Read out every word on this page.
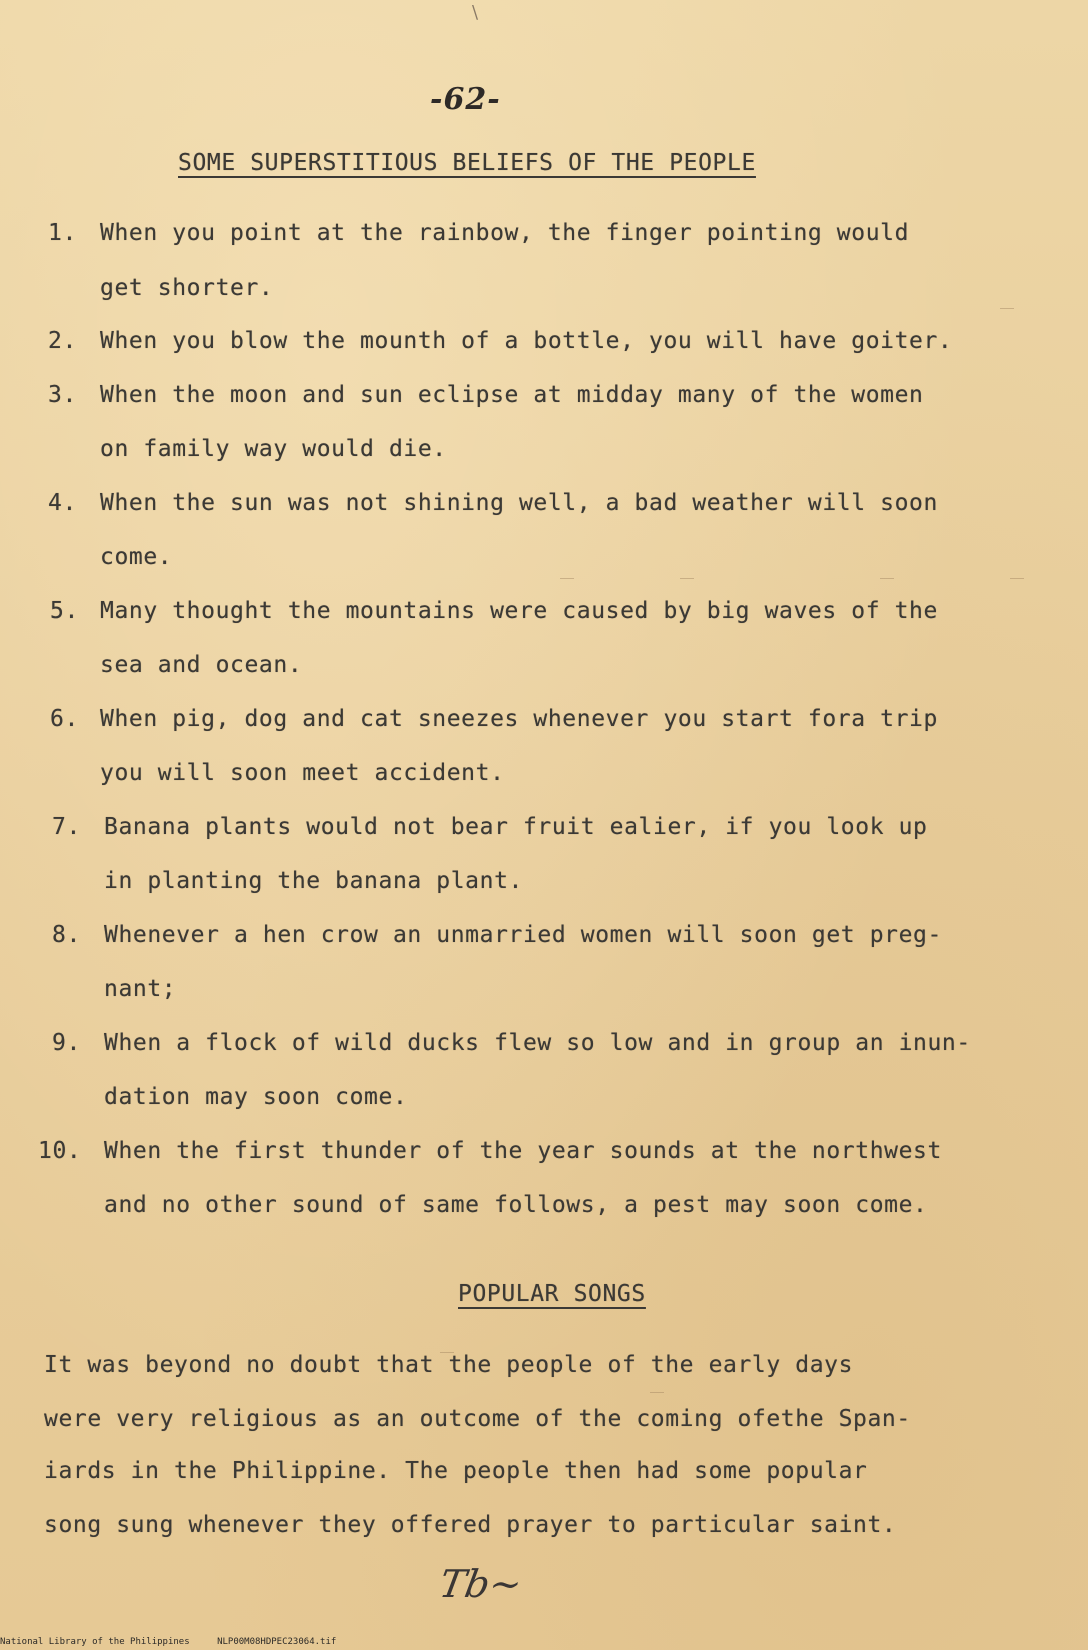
\
-62-
SOME SUPERSTITIOUS BELIEFS OF THE PEOPLE
1. When you point at the rainbow, the finger pointing would
get shorter.
2. When you blow the mounth of a bottle, you will have goiter.
3. When the moon and sun eclipse at midday many of the women
on family way would die.
4. When the sun was not shining well, a bad weather will soon
come.
5. Many thought the mountains were caused by big waves of the
sea and ocean.
6. When pig, dog and cat sneezes whenever you start fora trip
you will soon meet accident.
7. Banana plants would not bear fruit ealier, if you look up
in planting the banana plant.
8. Whenever a hen crow an unmarried women will soon get preg-
nant;
9. When a flock of wild ducks flew so low and in group an inun-
dation may soon come.
10. When the first thunder of the year sounds at the northwest
and no other sound of same follows, a pest may soon come.
POPULAR SONGS
It was beyond no doubt that the people of the early days
were very religious as an outcome of the coming ofethe Span-
iards in the Philippine. The people then had some popular
song sung whenever they offered prayer to particular saint.
Tb~
National Library of the Philippines	NLP00M08HDPEC23064.tif
